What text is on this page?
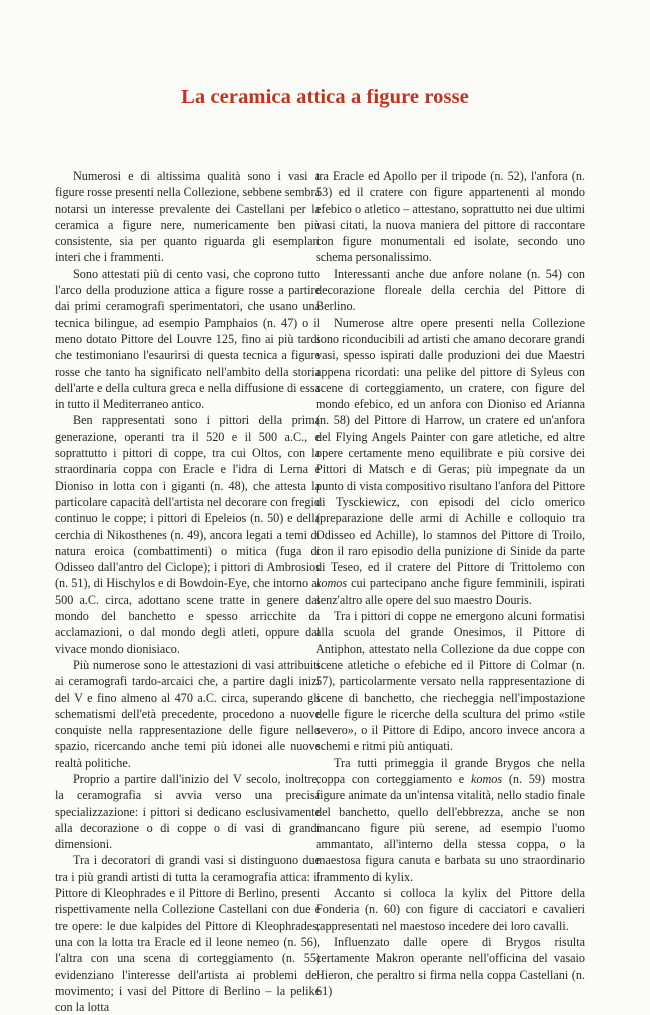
La ceramica attica a figure rosse

Numerosi e di altissima qualità sono i vasi a figure rosse presenti nella Collezione, sebbene sembra notarsi un interesse prevalente dei Castellani per la ceramica a figure nere, numericamente ben più consistente, sia per quanto riguarda gli esemplari interi che i frammenti.

Sono attestati più di cento vasi, che coprono tutto l'arco della produzione attica a figure rosse a partire dai primi ceramografi sperimentatori, che usano una tecnica bilingue, ad esempio Pamphaios (n. 47) o il meno dotato Pittore del Louvre 125, fino ai più tardi che testimoniano l'esaurirsi di questa tecnica a figure rosse che tanto ha significato nell'ambito della storia dell'arte e della cultura greca e nella diffusione di essa in tutto il Mediterraneo antico.

Ben rappresentati sono i pittori della prima generazione, operanti tra il 520 e il 500 a.C., e soprattutto i pittori di coppe, tra cui Oltos, con la straordinaria coppa con Eracle e l'idra di Lerna e Dioniso in lotta con i giganti (n. 48), che attesta la particolare capacità dell'artista nel decorare con fregio continuo le coppe; i pittori di Epeleios (n. 50) e della cerchia di Nikosthenes (n. 49), ancora legati a temi di natura eroica (combattimenti) o mitica (fuga di Odisseo dall'antro del Ciclope); i pittori di Ambrosios (n. 51), di Hischylos e di Bowdoin-Eye, che intorno al 500 a.C. circa, adottano scene tratte in genere dal mondo del banchetto e spesso arricchite da acclamazioni, o dal mondo degli atleti, oppure dal vivace mondo dionisiaco.

Più numerose sono le attestazioni di vasi attribuiti ai ceramografi tardo-arcaici che, a partire dagli inizi del V e fino almeno al 470 a.C. circa, superando gli schematismi dell'età precedente, procedono a nuove conquiste nella rappresentazione delle figure nello spazio, ricercando anche temi più idonei alle nuove realtà politiche.

Proprio a partire dall'inizio del V secolo, inoltre, la ceramografia si avvia verso una precisa specializzazione: i pittori si dedicano esclusivamente alla decorazione o di coppe o di vasi di grandi dimensioni.

Tra i decoratori di grandi vasi si distinguono due tra i più grandi artisti di tutta la ceramografia attica: il Pittore di Kleophrades e il Pittore di Berlino, presenti rispettivamente nella Collezione Castellani con due e tre opere: le due kalpides del Pittore di Kleophrades, una con la lotta tra Eracle ed il leone nemeo (n. 56), l'altra con una scena di corteggiamento (n. 55) evidenziano l'interesse dell'artista ai problemi del movimento; i vasi del Pittore di Berlino – la pelike con la lotta

tra Eracle ed Apollo per il tripode (n. 52), l'anfora (n. 53) ed il cratere con figure appartenenti al mondo efebico o atletico – attestano, soprattutto nei due ultimi vasi citati, la nuova maniera del pittore di raccontare con figure monumentali ed isolate, secondo uno schema personalissimo.

Interessanti anche due anfore nolane (n. 54) con decorazione floreale della cerchia del Pittore di Berlino.

Numerose altre opere presenti nella Collezione sono riconducibili ad artisti che amano decorare grandi vasi, spesso ispirati dalle produzioni dei due Maestri appena ricordati: una pelike del pittore di Syleus con scene di corteggiamento, un cratere, con figure del mondo efebico, ed un anfora con Dioniso ed Arianna (n. 58) del Pittore di Harrow, un cratere ed un'anfora del Flying Angels Painter con gare atletiche, ed altre opere certamente meno equilibrate e più corsive dei Pittori di Matsch e di Geras; più impegnate da un punto di vista compositivo risultano l'anfora del Pittore di Tysckiewicz, con episodi del ciclo omerico (preparazione delle armi di Achille e colloquio tra Odisseo ed Achille), lo stamnos del Pittore di Troilo, con il raro episodio della punizione di Sinide da parte di Teseo, ed il cratere del Pittore di Trittolemo con komos cui partecipano anche figure femminili, ispirati senz'altro alle opere del suo maestro Douris.

Tra i pittori di coppe ne emergono alcuni formatisi alla scuola del grande Onesimos, il Pittore di Antiphon, attestato nella Collezione da due coppe con scene atletiche o efebiche ed il Pittore di Colmar (n. 57), particolarmente versato nella rappresentazione di scene di banchetto, che riecheggia nell'impostazione delle figure le ricerche della scultura del primo «stile severo», o il Pittore di Edipo, ancoro invece ancora a schemi e ritmi più antiquati.

Tra tutti primeggia il grande Brygos che nella coppa con corteggiamento e komos (n. 59) mostra figure animate da un'intensa vitalità, nello stadio finale del banchetto, quello dell'ebbrezza, anche se non mancano figure più serene, ad esempio l'uomo ammantato, all'interno della stessa coppa, o la maestosa figura canuta e barbata su uno straordinario frammento di kylix.

Accanto si colloca la kylix del Pittore della Fonderia (n. 60) con figure di cacciatori e cavalieri rappresentati nel maestoso incedere dei loro cavalli.

Influenzato dalle opere di Brygos risulta certamente Makron operante nell'officina del vasaio Hieron, che peraltro si firma nella coppa Castellani (n. 61)
